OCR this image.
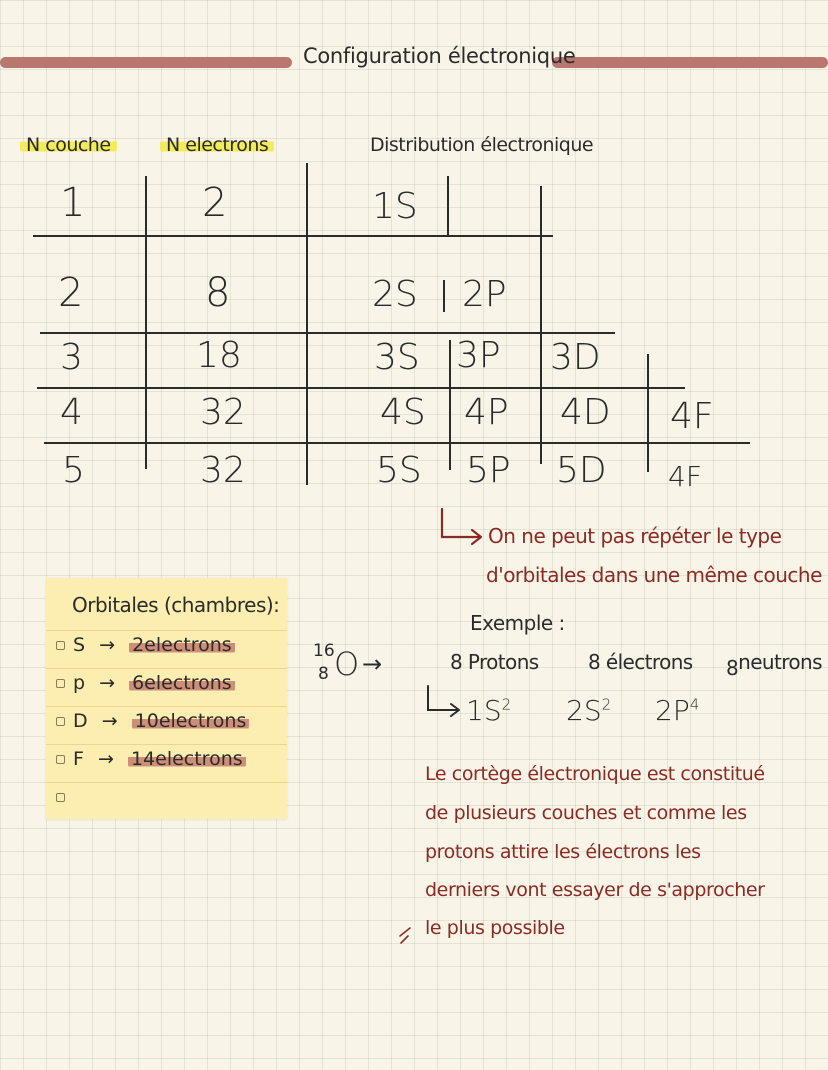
Configuration électronique
N couche	N electrons	Distribution électronique
1	2	1S
2	8	2S 2P
3	18	3S 3P 3D
4	32	4S 4P 4D 4F
5	32	5S 5P 5D 4F
On ne peut pas répéter le type
d'orbitales dans une même couche
Orbitales (chambres):
S → 2electrons
p → 6electrons
D → 10electrons
F → 14electrons
Exemple :
16
8 O →	8 Protons 8 électrons 8neutrons
$1S^2$ $2S^2$ $2P^4$
Le cortège électronique est constitué
de plusieurs couches et comme les
protons attire les électrons les
derniers vont essayer de s'approcher
le plus possible
